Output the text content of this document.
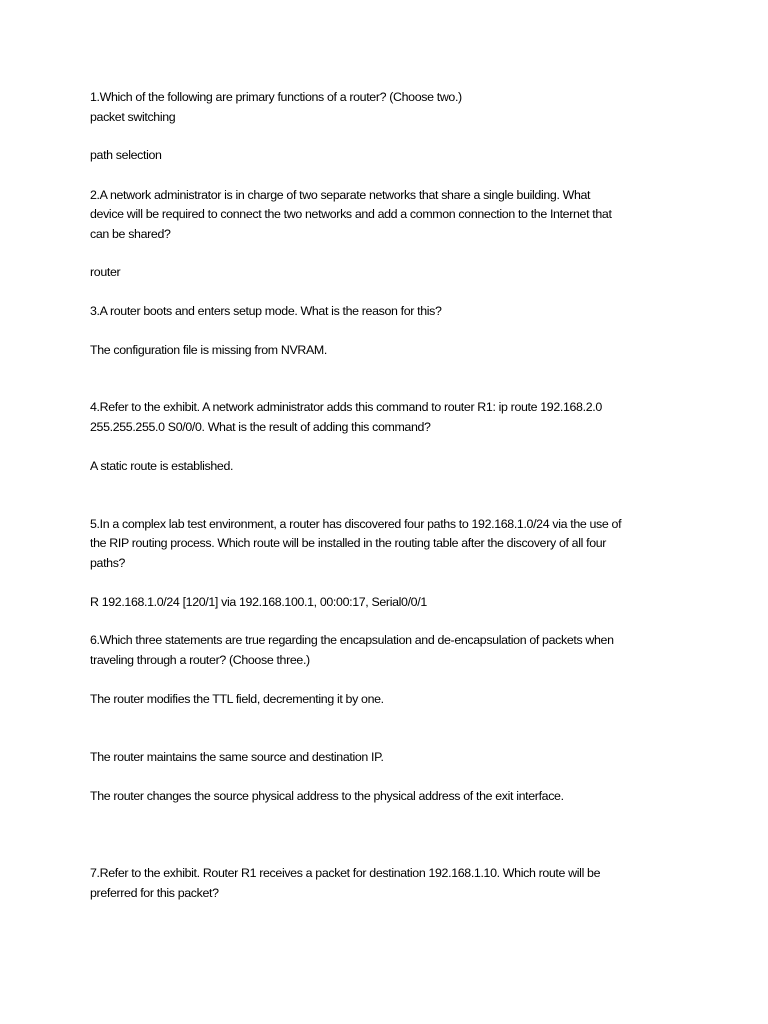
1.Which of the following are primary functions of a router? (Choose two.)
packet switching
path selection
2.A network administrator is in charge of two separate networks that share a single building. What
device will be required to connect the two networks and add a common connection to the Internet that
can be shared?
router
3.A router boots and enters setup mode. What is the reason for this?
The configuration file is missing from NVRAM.
4.Refer to the exhibit. A network administrator adds this command to router R1: ip route 192.168.2.0
255.255.255.0 S0/0/0. What is the result of adding this command?
A static route is established.
5.In a complex lab test environment, a router has discovered four paths to 192.168.1.0/24 via the use of
the RIP routing process. Which route will be installed in the routing table after the discovery of all four
paths?
R 192.168.1.0/24 [120/1] via 192.168.100.1, 00:00:17, Serial0/0/1
6.Which three statements are true regarding the encapsulation and de-encapsulation of packets when
traveling through a router? (Choose three.)
The router modifies the TTL field, decrementing it by one.
The router maintains the same source and destination IP.
The router changes the source physical address to the physical address of the exit interface.
7.Refer to the exhibit. Router R1 receives a packet for destination 192.168.1.10. Which route will be
preferred for this packet?
